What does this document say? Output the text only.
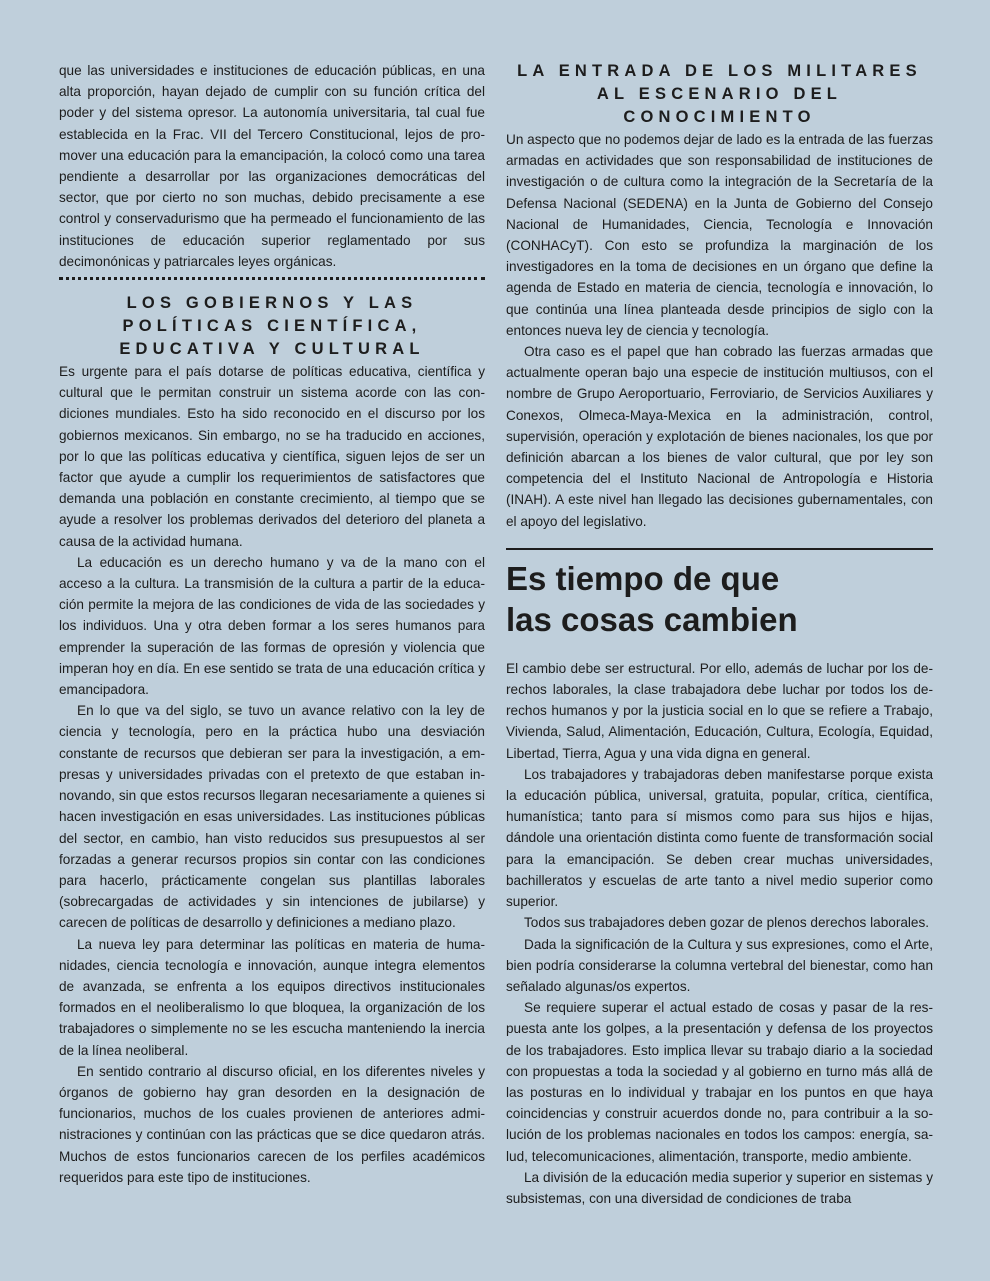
que las universidades e instituciones de educación públicas, en una alta proporción, hayan dejado de cumplir con su función crítica del poder y del sistema opresor. La autonomía universitaria, tal cual fue establecida en la Frac. VII del Tercero Constitucional, lejos de promover una educación para la emancipación, la colocó como una tarea pendiente a desarrollar por las organizaciones democráticas del sector, que por cierto no son muchas, debido precisamente a ese control y conservadurismo que ha permeado el funcionamiento de las instituciones de educación superior reglamentado por sus decimonónicas y patriarcales leyes orgánicas.

LOS GOBIERNOS Y LAS POLÍTICAS CIENTÍFICA, EDUCATIVA Y CULTURAL

Es urgente para el país dotarse de políticas educativa, científica y cultural que le permitan construir un sistema acorde con las condiciones mundiales. Esto ha sido reconocido en el discurso por los gobiernos mexicanos. Sin embargo, no se ha traducido en acciones, por lo que las políticas educativa y científica, siguen lejos de ser un factor que ayude a cumplir los requerimientos de satisfactores que demanda una población en constante crecimiento, al tiempo que se ayude a resolver los problemas derivados del deterioro del planeta a causa de la actividad humana.

La educación es un derecho humano y va de la mano con el acceso a la cultura. La transmisión de la cultura a partir de la educación permite la mejora de las condiciones de vida de las sociedades y los individuos. Una y otra deben formar a los seres humanos para emprender la superación de las formas de opresión y violencia que imperan hoy en día. En ese sentido se trata de una educación crítica y emancipadora.

En lo que va del siglo, se tuvo un avance relativo con la ley de ciencia y tecnología, pero en la práctica hubo una desviación constante de recursos que debieran ser para la investigación, a empresas y universidades privadas con el pretexto de que estaban innovando, sin que estos recursos llegaran necesariamente a quienes si hacen investigación en esas universidades. Las instituciones públicas del sector, en cambio, han visto reducidos sus presupuestos al ser forzadas a generar recursos propios sin contar con las condiciones para hacerlo, prácticamente congelan sus plantillas laborales (sobrecargadas de actividades y sin intenciones de jubilarse) y carecen de políticas de desarrollo y definiciones a mediano plazo.

La nueva ley para determinar las políticas en materia de humanidades, ciencia tecnología e innovación, aunque integra elementos de avanzada, se enfrenta a los equipos directivos institucionales formados en el neoliberalismo lo que bloquea, la organización de los trabajadores o simplemente no se les escucha manteniendo la inercia de la línea neoliberal.

En sentido contrario al discurso oficial, en los diferentes niveles y órganos de gobierno hay gran desorden en la designación de funcionarios, muchos de los cuales provienen de anteriores administraciones y continúan con las prácticas que se dice quedaron atrás. Muchos de estos funcionarios carecen de los perfiles académicos requeridos para este tipo de instituciones.

LA ENTRADA DE LOS MILITARES AL ESCENARIO DEL CONOCIMIENTO

Un aspecto que no podemos dejar de lado es la entrada de las fuerzas armadas en actividades que son responsabilidad de instituciones de investigación o de cultura como la integración de la Secretaría de la Defensa Nacional (SEDENA) en la Junta de Gobierno del Consejo Nacional de Humanidades, Ciencia, Tecnología e Innovación (CONHACyT). Con esto se profundiza la marginación de los investigadores en la toma de decisiones en un órgano que define la agenda de Estado en materia de ciencia, tecnología e innovación, lo que continúa una línea planteada desde principios de siglo con la entonces nueva ley de ciencia y tecnología.

Otra caso es el papel que han cobrado las fuerzas armadas que actualmente operan bajo una especie de institución multiusos, con el nombre de Grupo Aeroportuario, Ferroviario, de Servicios Auxiliares y Conexos, Olmeca-Maya-Mexica en la administración, control, supervisión, operación y explotación de bienes nacionales, los que por definición abarcan a los bienes de valor cultural, que por ley son competencia del el Instituto Nacional de Antropología e Historia (INAH). A este nivel han llegado las decisiones gubernamentales, con el apoyo del legislativo.

Es tiempo de que
las cosas cambien

El cambio debe ser estructural. Por ello, además de luchar por los derechos laborales, la clase trabajadora debe luchar por todos los derechos humanos y por la justicia social en lo que se refiere a Trabajo, Vivienda, Salud, Alimentación, Educación, Cultura, Ecología, Equidad, Libertad, Tierra, Agua y una vida digna en general.

Los trabajadores y trabajadoras deben manifestarse porque exista la educación pública, universal, gratuita, popular, crítica, científica, humanística; tanto para sí mismos como para sus hijos e hijas, dándole una orientación distinta como fuente de transformación social para la emancipación. Se deben crear muchas universidades, bachilleratos y escuelas de arte tanto a nivel medio superior como superior.

Todos sus trabajadores deben gozar de plenos derechos laborales.

Dada la significación de la Cultura y sus expresiones, como el Arte, bien podría considerarse la columna vertebral del bienestar, como han señalado algunas/os expertos.

Se requiere superar el actual estado de cosas y pasar de la respuesta ante los golpes, a la presentación y defensa de los proyectos de los trabajadores. Esto implica llevar su trabajo diario a la sociedad con propuestas a toda la sociedad y al gobierno en turno más allá de las posturas en lo individual y trabajar en los puntos en que haya coincidencias y construir acuerdos donde no, para contribuir a la solución de los problemas nacionales en todos los campos: energía, salud, telecomunicaciones, alimentación, transporte, medio ambiente.

La división de la educación media superior y superior en sistemas y subsistemas, con una diversidad de condiciones de traba
